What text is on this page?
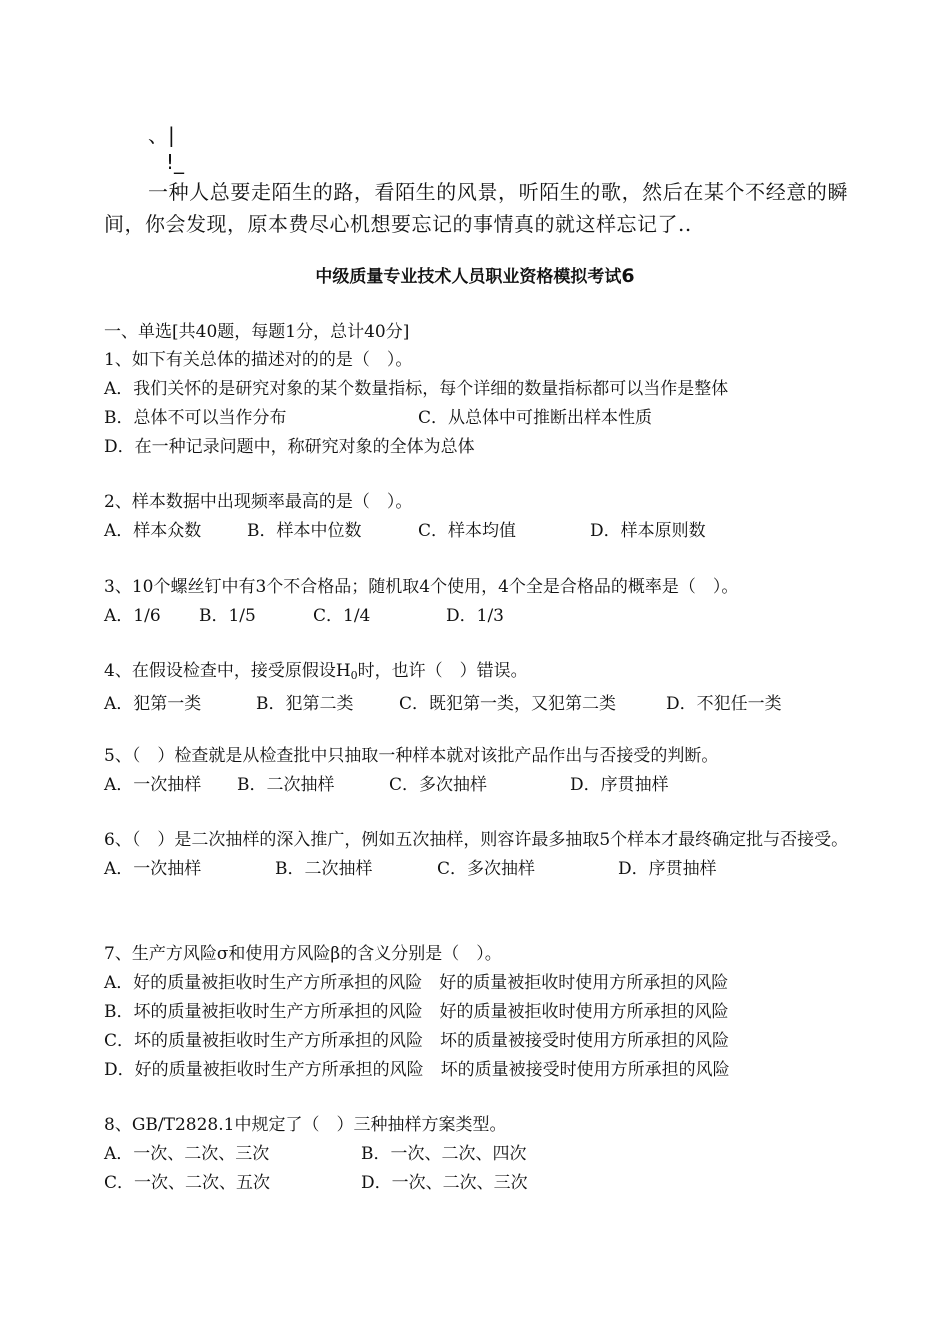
、|
!_

一种人总要走陌生的路，看陌生的风景，听陌生的歌，然后在某个不经意的瞬间，你会发现，原本费尽心机想要忘记的事情真的就这样忘记了..

中级质量专业技术人员职业资格模拟考试6
一、单选[共40题，每题1分，总计40分]

1、如下有关总体的描述对的的是（　）。

A．我们关怀的是研究对象的某个数量指标，每个详细的数量指标都可以当作是整体
B．总体不可以当作分布	C．从总体中可推断出样本性质
D．在一种记录问题中，称研究对象的全体为总体

2、样本数据中出现频率最高的是（　）。

A．样本众数	B．样本中位数	C．样本均值	D．样本原则数

3、10个螺丝钉中有3个不合格品；随机取4个使用，4个全是合格品的概率是（　）。

A．1/6 B．1/5	C．1/4	D．1/3

4、在假设检查中，接受原假设$H_0$时，也许（　）错误。

A．犯第一类	B．犯第二类	C．既犯第一类，又犯第二类	D．不犯任一类

5、（　）检查就是从检查批中只抽取一种样本就对该批产品作出与否接受的判断。

A．一次抽样 B．二次抽样	C．多次抽样	D．序贯抽样

6、（　）是二次抽样的深入推广，例如五次抽样，则容许最多抽取5个样本才最终确定批与否接受。

A．一次抽样	B．二次抽样	C．多次抽样	D．序贯抽样

7、生产方风险σ和使用方风险β的含义分别是（　）。

A．好的质量被拒收时生产方所承担的风险　好的质量被拒收时使用方所承担的风险
B．坏的质量被拒收时生产方所承担的风险　好的质量被拒收时使用方所承担的风险
C．坏的质量被拒收时生产方所承担的风险　坏的质量被接受时使用方所承担的风险
D．好的质量被拒收时生产方所承担的风险　坏的质量被接受时使用方所承担的风险

8、GB/T2828.1中规定了（　）三种抽样方案类型。

A．一次、二次、三次	B．一次、二次、四次
C．一次、二次、五次	D．一次、二次、三次
